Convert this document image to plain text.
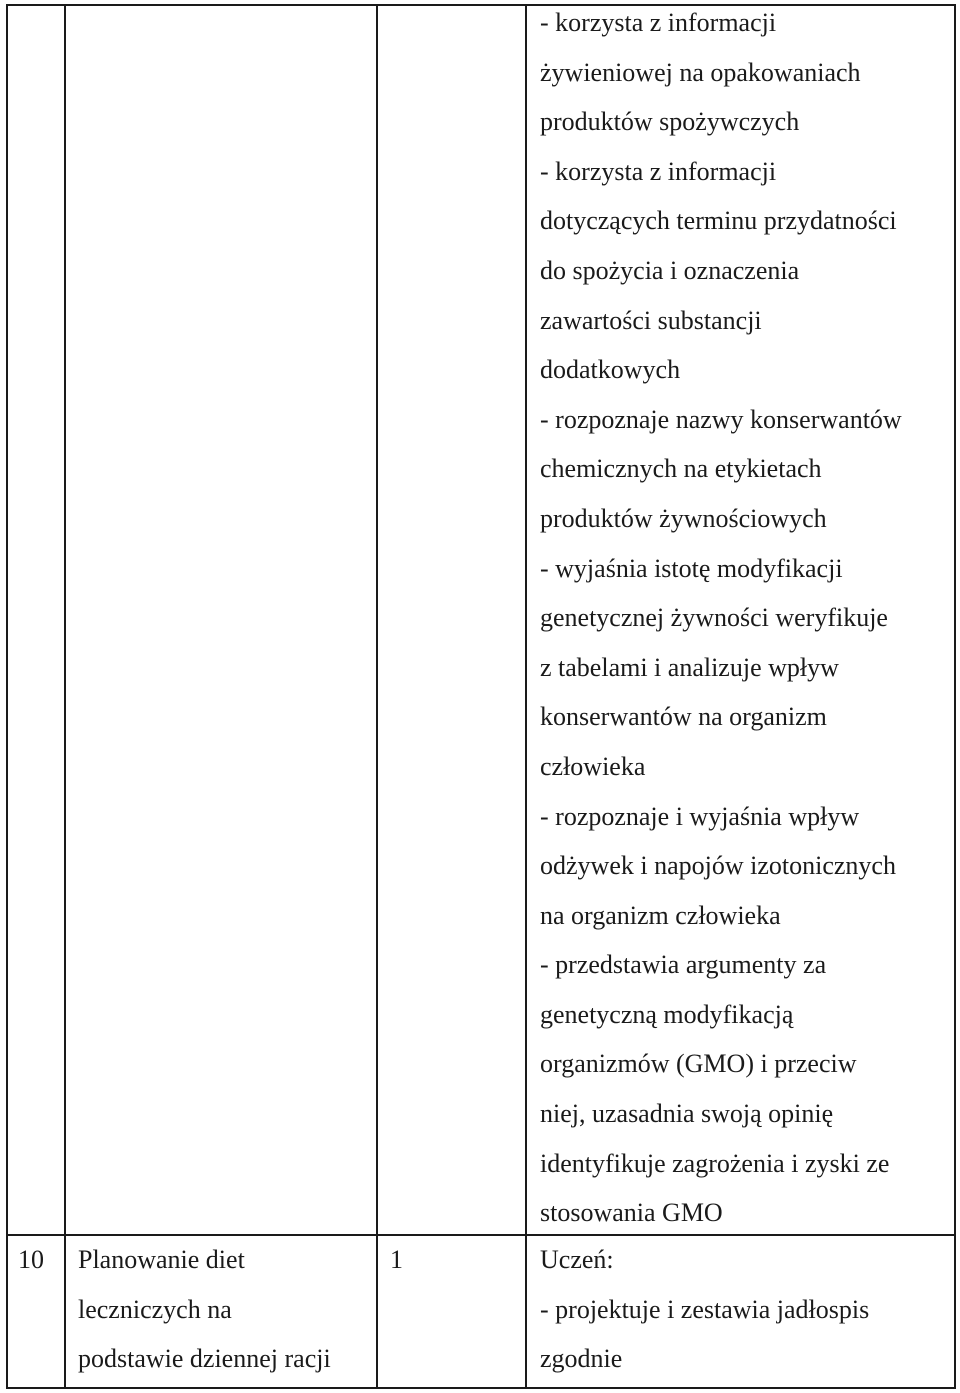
- korzysta z informacji
żywieniowej na opakowaniach
produktów spożywczych
- korzysta z informacji
dotyczących terminu przydatności
do spożycia i oznaczenia
zawartości substancji
dodatkowych
- rozpoznaje nazwy konserwantów
chemicznych na etykietach
produktów żywnościowych
- wyjaśnia istotę modyfikacji
genetycznej żywności weryfikuje
z tabelami i analizuje wpływ
konserwantów na organizm
człowieka
- rozpoznaje i wyjaśnia wpływ
odżywek i napojów izotonicznych
na organizm człowieka
- przedstawia argumenty za
genetyczną modyfikacją
organizmów (GMO) i przeciw
niej, uzasadnia swoją opinię
identyfikuje zagrożenia i zyski ze
stosowania GMO
10 Planowanie diet
leczniczych na
podstawie dziennej racji
1	Uczeń:
- projektuje i zestawia jadłospis
zgodnie
